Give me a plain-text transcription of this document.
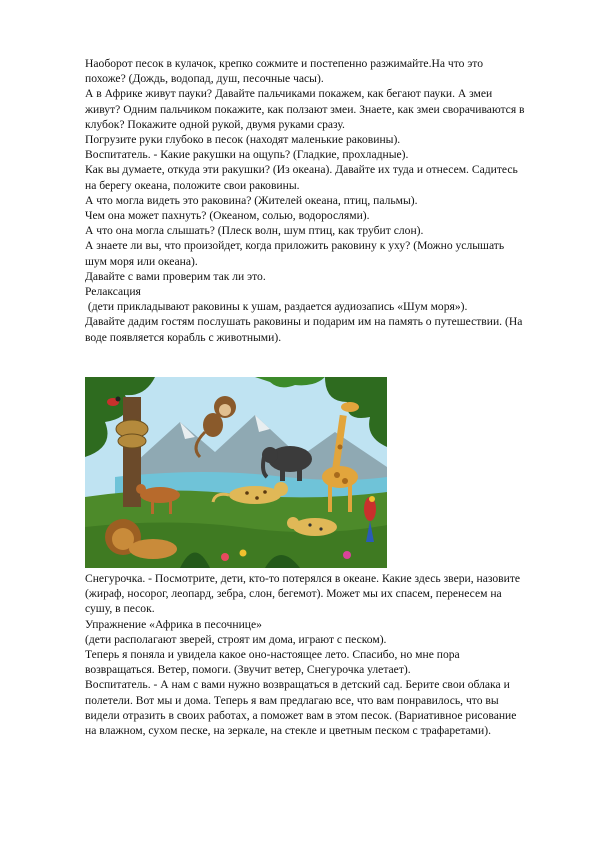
Наоборот песок в кулачок, крепко сожмите и постепенно разжимайте.На что это похоже? (Дождь, водопад, душ, песочные часы).

А в Африке живут пауки? Давайте пальчиками покажем, как бегают пауки. А змеи живут? Одним пальчиком покажите, как ползают змеи. Знаете, как змеи сворачиваются в клубок? Покажите одной рукой, двумя руками сразу.

Погрузите руки глубоко в песок (находят маленькие раковины).

Воспитатель. - Какие ракушки на ощупь? (Гладкие, прохладные).

Как вы думаете, откуда эти ракушки? (Из океана). Давайте их туда и отнесем. Садитесь на берегу океана, положите свои раковины.

А что могла видеть это раковина? (Жителей океана, птиц, пальмы).

Чем она может пахнуть? (Океаном, солью, водорослями).

А что она могла слышать? (Плеск волн, шум птиц, как трубит слон).

А знаете ли вы, что произойдет, когда приложить раковину к уху? (Можно услышать шум моря или океана).

Давайте с вами проверим так ли это.

Релаксация

(дети прикладывают раковины к ушам, раздается аудиозапись «Шум моря»).

Давайте дадим гостям послушать раковины и подарим им на память о путешествии. (На воде появляется корабль с животными).

Снегурочка. - Посмотрите, дети, кто-то потерялся в океане. Какие здесь звери, назовите (жираф, носорог, леопард, зебра, слон, бегемот). Может мы их спасем, перенесем на сушу, в песок.

Упражнение «Африка в песочнице»

(дети располагают зверей, строят им дома, играют с песком).

Теперь я поняла и увидела какое оно-настоящее лето. Спасибо, но мне пора возвращаться. Ветер, помоги. (Звучит ветер, Снегурочка улетает).

Воспитатель. - А нам с вами нужно возвращаться в детский сад. Берите свои облака и полетели. Вот мы и дома. Теперь я вам предлагаю все, что вам понравилось, что вы видели отразить в своих работах, а поможет вам в этом песок. (Вариативное рисование на влажном, сухом песке, на зеркале, на стекле и цветным песком с трафаретами).
